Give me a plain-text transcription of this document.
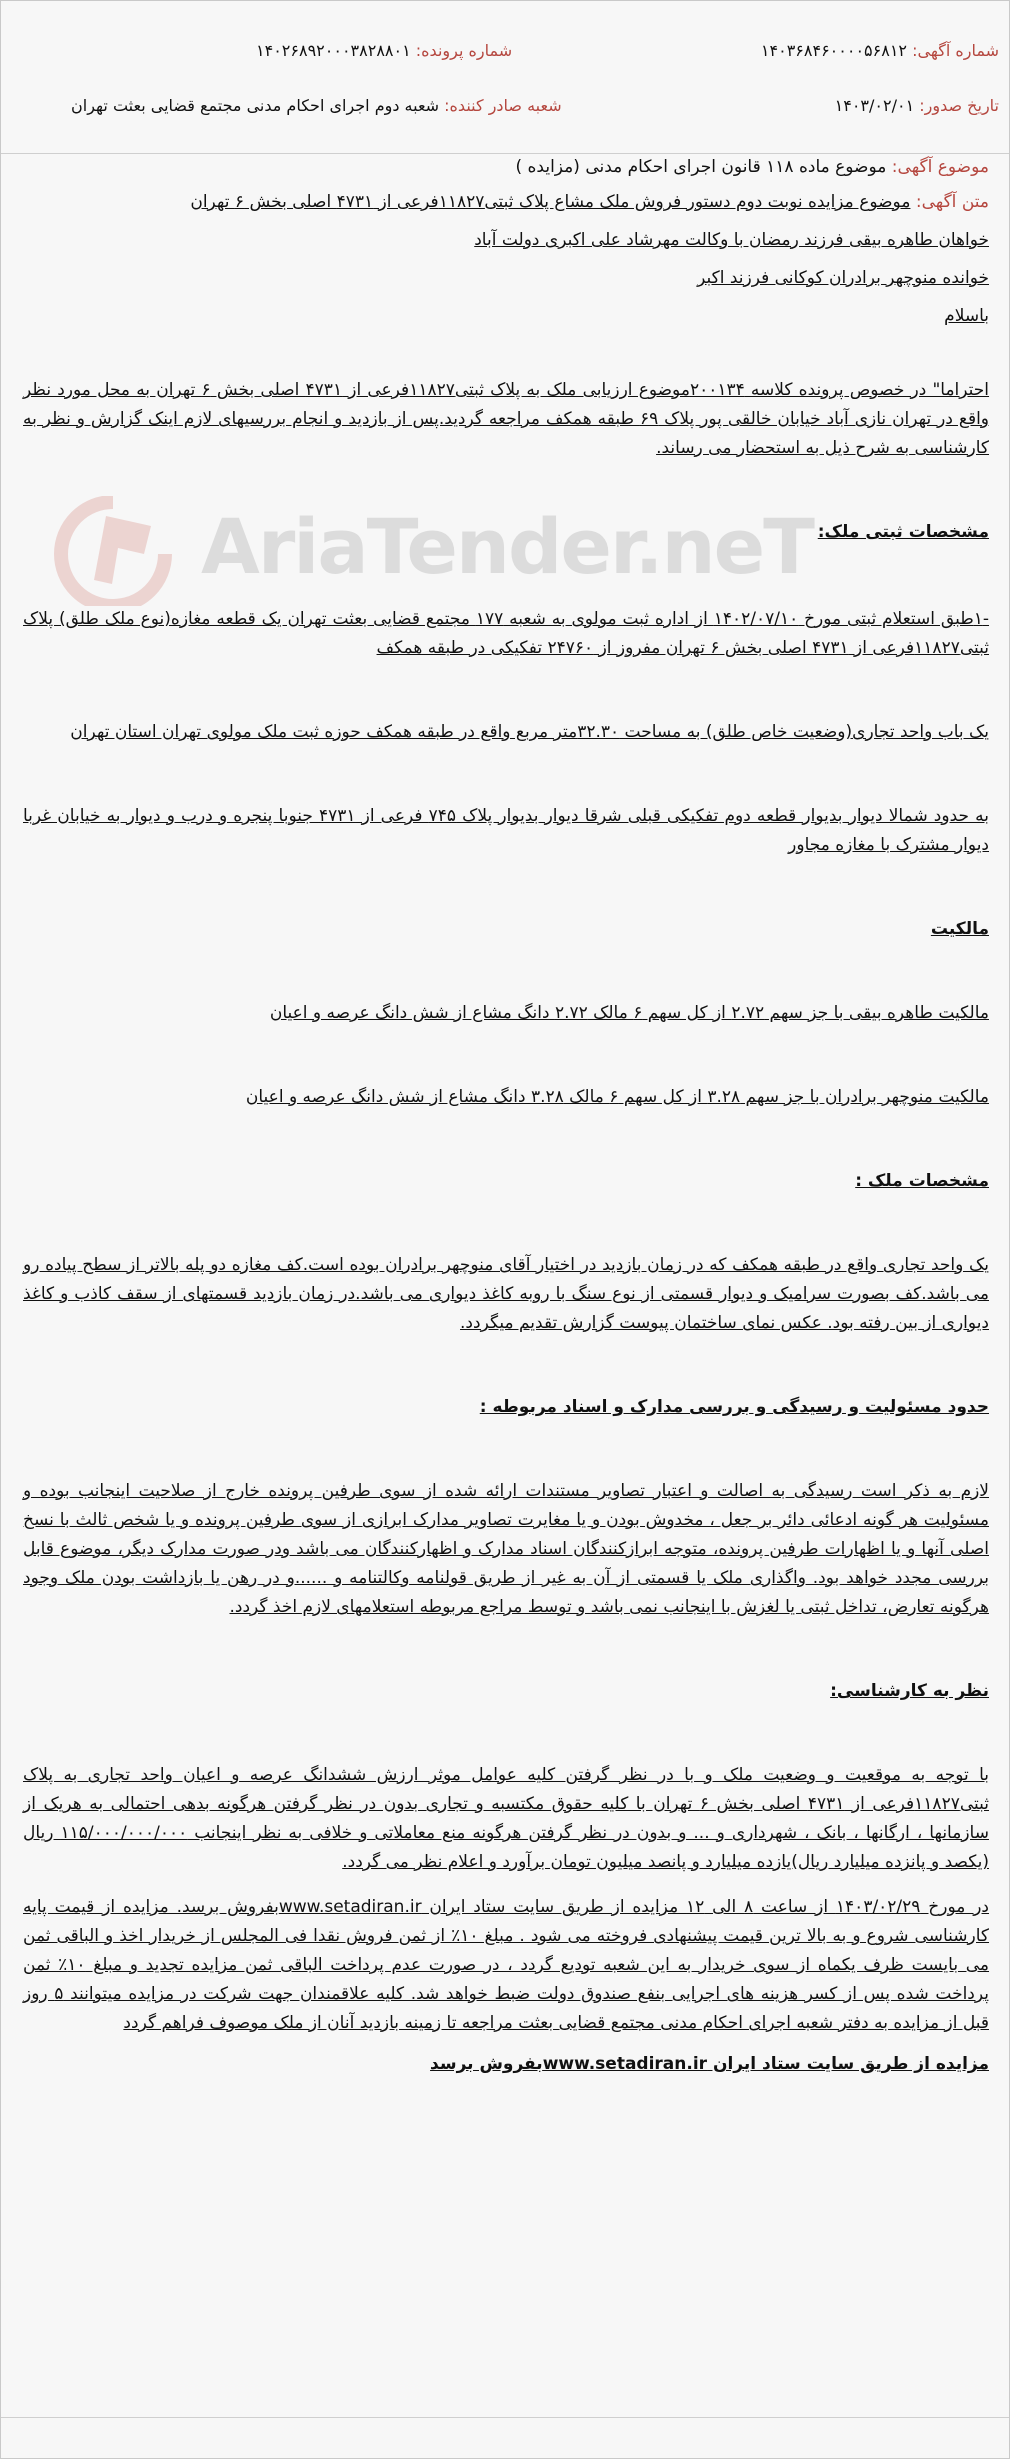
شماره آگهی: ۱۴۰۳۶۸۴۶۰۰۰۰۵۶۸۱۲
شماره پرونده: ۱۴۰۲۶۸۹۲۰۰۰۳۸۲۸۸۰۱
تاریخ صدور: ۱۴۰۳/۰۲/۰۱
شعبه صادر کننده: شعبه دوم اجرای احکام مدنی مجتمع قضایی بعثت تهران
AriaTender.neT

موضوع آگهی: موضوع ماده ۱۱۸ قانون اجرای احکام مدنی (مزایده )

متن آگهی: موضوع مزایده نوبت دوم دستور فروش ملک مشاع پلاک ثبتی۱۱۸۲۷فرعی از ۴۷۳۱ اصلی بخش ۶ تهران

خواهان طاهره بیقی فرزند رمضان با وکالت مهرشاد علی اکبری دولت آباد

خوانده منوچهر برادران کوکانی فرزند اکبر

باسلام

احتراما" در خصوص پرونده کلاسه ۲۰۰۱۳۴موضوع ارزیابی ملک به پلاک ثبتی۱۱۸۲۷فرعی از ۴۷۳۱ اصلی بخش ۶ تهران به محل مورد نظر واقع در تهران نازی آباد خیابان خالقی پور پلاک ۶۹ طبقه همکف مراجعه گردید.پس از بازدید و انجام بررسیهای لازم اینک گزارش و نظر به کارشناسی به شرح ذیل به استحضار می رساند.

مشخصات ثبتی ملک:

-۱طبق استعلام ثبتی مورخ ۱۴۰۲/۰۷/۱۰ از اداره ثبت مولوی به شعبه ۱۷۷ مجتمع قضایی بعثت تهران یک قطعه مغازه(نوع ملک طلق) پلاک ثبتی۱۱۸۲۷فرعی از ۴۷۳۱ اصلی بخش ۶ تهران مفروز از ۲۴۷۶۰ تفکیکی در طبقه همکف

یک باب واحد تجاری(وضعیت خاص طلق) به مساحت ۳۲.۳۰متر مربع واقع در طبقه همکف حوزه ثبت ملک مولوی تهران استان تهران

به حدود شمالا دیوار بدیوار قطعه دوم تفکیکی قبلی شرقا دیوار بدیوار پلاک ۷۴۵ فرعی از ۴۷۳۱ جنوبا پنجره و درب و دیوار به خیابان غربا دیوار مشترک با مغازه مجاور

مالکیت

مالکیت طاهره بیقی با جز سهم ۲.۷۲ از کل سهم ۶ مالک ۲.۷۲ دانگ مشاع از شش دانگ عرصه و اعیان

مالکیت منوچهر برادران با جز سهم ۳.۲۸ از کل سهم ۶ مالک ۳.۲۸ دانگ مشاع از شش دانگ عرصه و اعیان

مشخصات ملک :

یک واحد تجاری واقع در طبقه همکف که در زمان بازدید در اختیار آقای منوچهر برادران بوده است.کف مغازه دو پله بالاتر از سطح پیاده رو می باشد.کف بصورت سرامیک و دیوار قسمتی از نوع سنگ با روبه کاغذ دیواری می باشد.در زمان بازدید قسمتهای از سقف کاذب و کاغذ دیواری از بین رفته بود. عکس نمای ساختمان پیوست گزارش تقدیم میگردد.

حدود مسئولیت و رسیدگی و بررسی مدارک و اسناد مربوطه :

لازم به ذکر است رسیدگی به اصالت و اعتبار تصاویر مستندات ارائه شده از سوی طرفین پرونده خارج از صلاحیت اینجانب بوده و مسئولیت هر گونه ادعائی دائر بر جعل ، مخدوش بودن و یا مغایرت تصاویر مدارک ابرازی از سوی طرفین پرونده و یا شخص ثالث با نسخ اصلی آنها و یا اظهارات طرفین پرونده، متوجه ابرازکنندگان اسناد مدارک و اظهارکنندگان می باشد ودر صورت مدارک دیگر، موضوع قابل بررسی مجدد خواهد بود. واگذاری ملک یا قسمتی از آن به غیر از طریق قولنامه وکالتنامه و ......و در رهن یا بازداشت بودن ملک وجود هرگونه تعارض، تداخل ثبتی یا لغزش با اینجانب نمی باشد و توسط مراجع مربوطه استعلامهای لازم اخذ گردد.

نظر به کارشناسی:

با توجه به موقعیت و وضعیت ملک و با در نظر گرفتن کلیه عوامل موثر ارزش ششدانگ عرصه و اعیان واحد تجاری به پلاک ثبتی۱۱۸۲۷فرعی از ۴۷۳۱ اصلی بخش ۶ تهران با کلیه حقوق مکتسبه و تجاری بدون در نظر گرفتن هرگونه بدهی احتمالی به هریک از سازمانها ، ارگانها ، بانک ، شهرداری و ... و بدون در نظر گرفتن هرگونه منع معاملاتی و خلافی به نظر اینجانب ۱۱۵/۰۰۰/۰۰۰/۰۰۰ ریال (یکصد و پانزده میلیارد ریال)یازده میلیارد و پانصد میلیون تومان برآورد و اعلام نظر می گردد.

در مورخ ۱۴۰۳/۰۲/۲۹ از ساعت ۸ الی ۱۲ مزایده از طریق سایت ستاد ایران www.setadiran.irبفروش برسد. مزایده از قیمت پایه کارشناسی شروع و به بالا ترین قیمت پیشنهادی فروخته می شود . مبلغ ۱۰٪ از ثمن فروش نقدا فی المجلس از خریدار اخذ و الباقی ثمن می بایست ظرف یکماه از سوی خریدار به این شعبه تودیع گردد ، در صورت عدم پرداخت الباقی ثمن مزایده تجدید و مبلغ ۱۰٪ ثمن پرداخت شده پس از کسر هزینه های اجرایی بنفع صندوق دولت ضبط خواهد شد. کلیه علاقمندان جهت شرکت در مزایده میتوانند ۵ روز قبل از مزایده به دفتر شعبه اجرای احکام مدنی مجتمع قضایی بعثت مراجعه تا زمینه بازدید آنان از ملک موصوف فراهم گردد

مزایده از طریق سایت ستاد ایران www.setadiran.irبفروش برسد
